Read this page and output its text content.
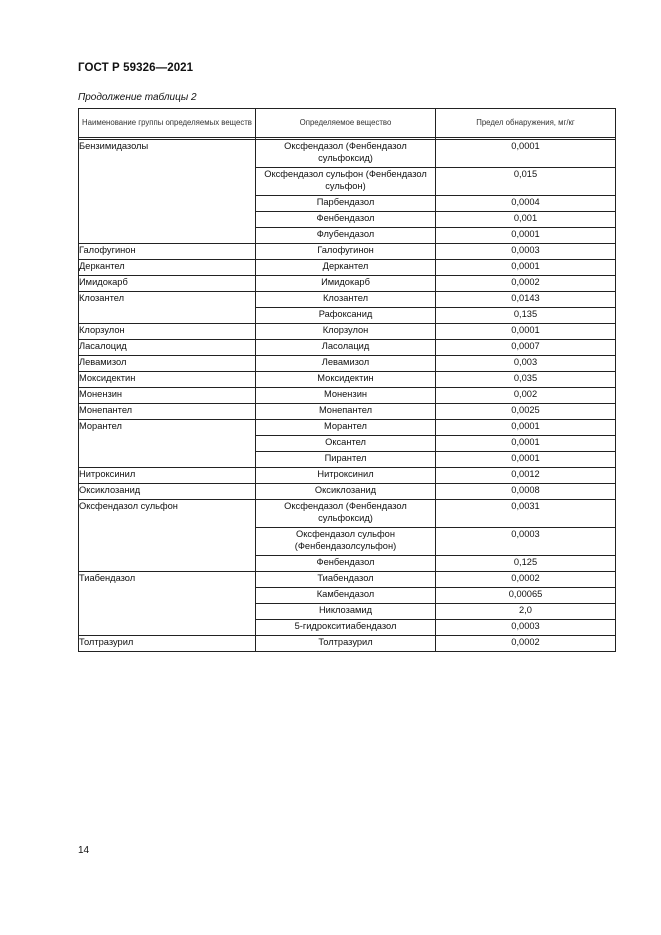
ГОСТ Р 59326—2021
Продолжение таблицы 2
Наименование группы определяемых веществ	Определяемое вещество	Предел обнаружения, мг/кг

Бензимидазолы	Оксфендазол (Фенбендазол сульфоксид)	0,0001
	Оксфендазол сульфон (Фенбендазол сульфон)	0,015
	Парбендазол	0,0004
	Фенбендазол	0,001
	Флубендазол	0,0001
Галофугинон	Галофугинон	0,0003
Деркантел	Деркантел	0,0001
Имидокарб	Имидокарб	0,0002
Клозантел	Клозантел	0,0143
	Рафоксанид	0,135
Клорзулон	Клорзулон	0,0001
Ласалоцид	Ласолацид	0,0007
Левамизол	Левамизол	0,003
Моксидектин	Моксидектин	0,035
Монензин	Монензин	0,002
Монепантел	Монепантел	0,0025
Морантел	Морантел	0,0001
	Оксантел	0,0001
	Пирантел	0,0001
Нитроксинил	Нитроксинил	0,0012
Оксиклозанид	Оксиклозанид	0,0008
Оксфендазол сульфон	Оксфендазол (Фенбендазол сульфоксид)	0,0031
	Оксфендазол сульфон (Фенбендазолсульфон)	0,0003
	Фенбендазол	0,125
Тиабендазол	Тиабендазол	0,0002
	Камбендазол	0,00065
	Никлозамид	2,0
	5-гидрокситиабендазол	0,0003
Толтразурил	Толтразурил	0,0002
14
